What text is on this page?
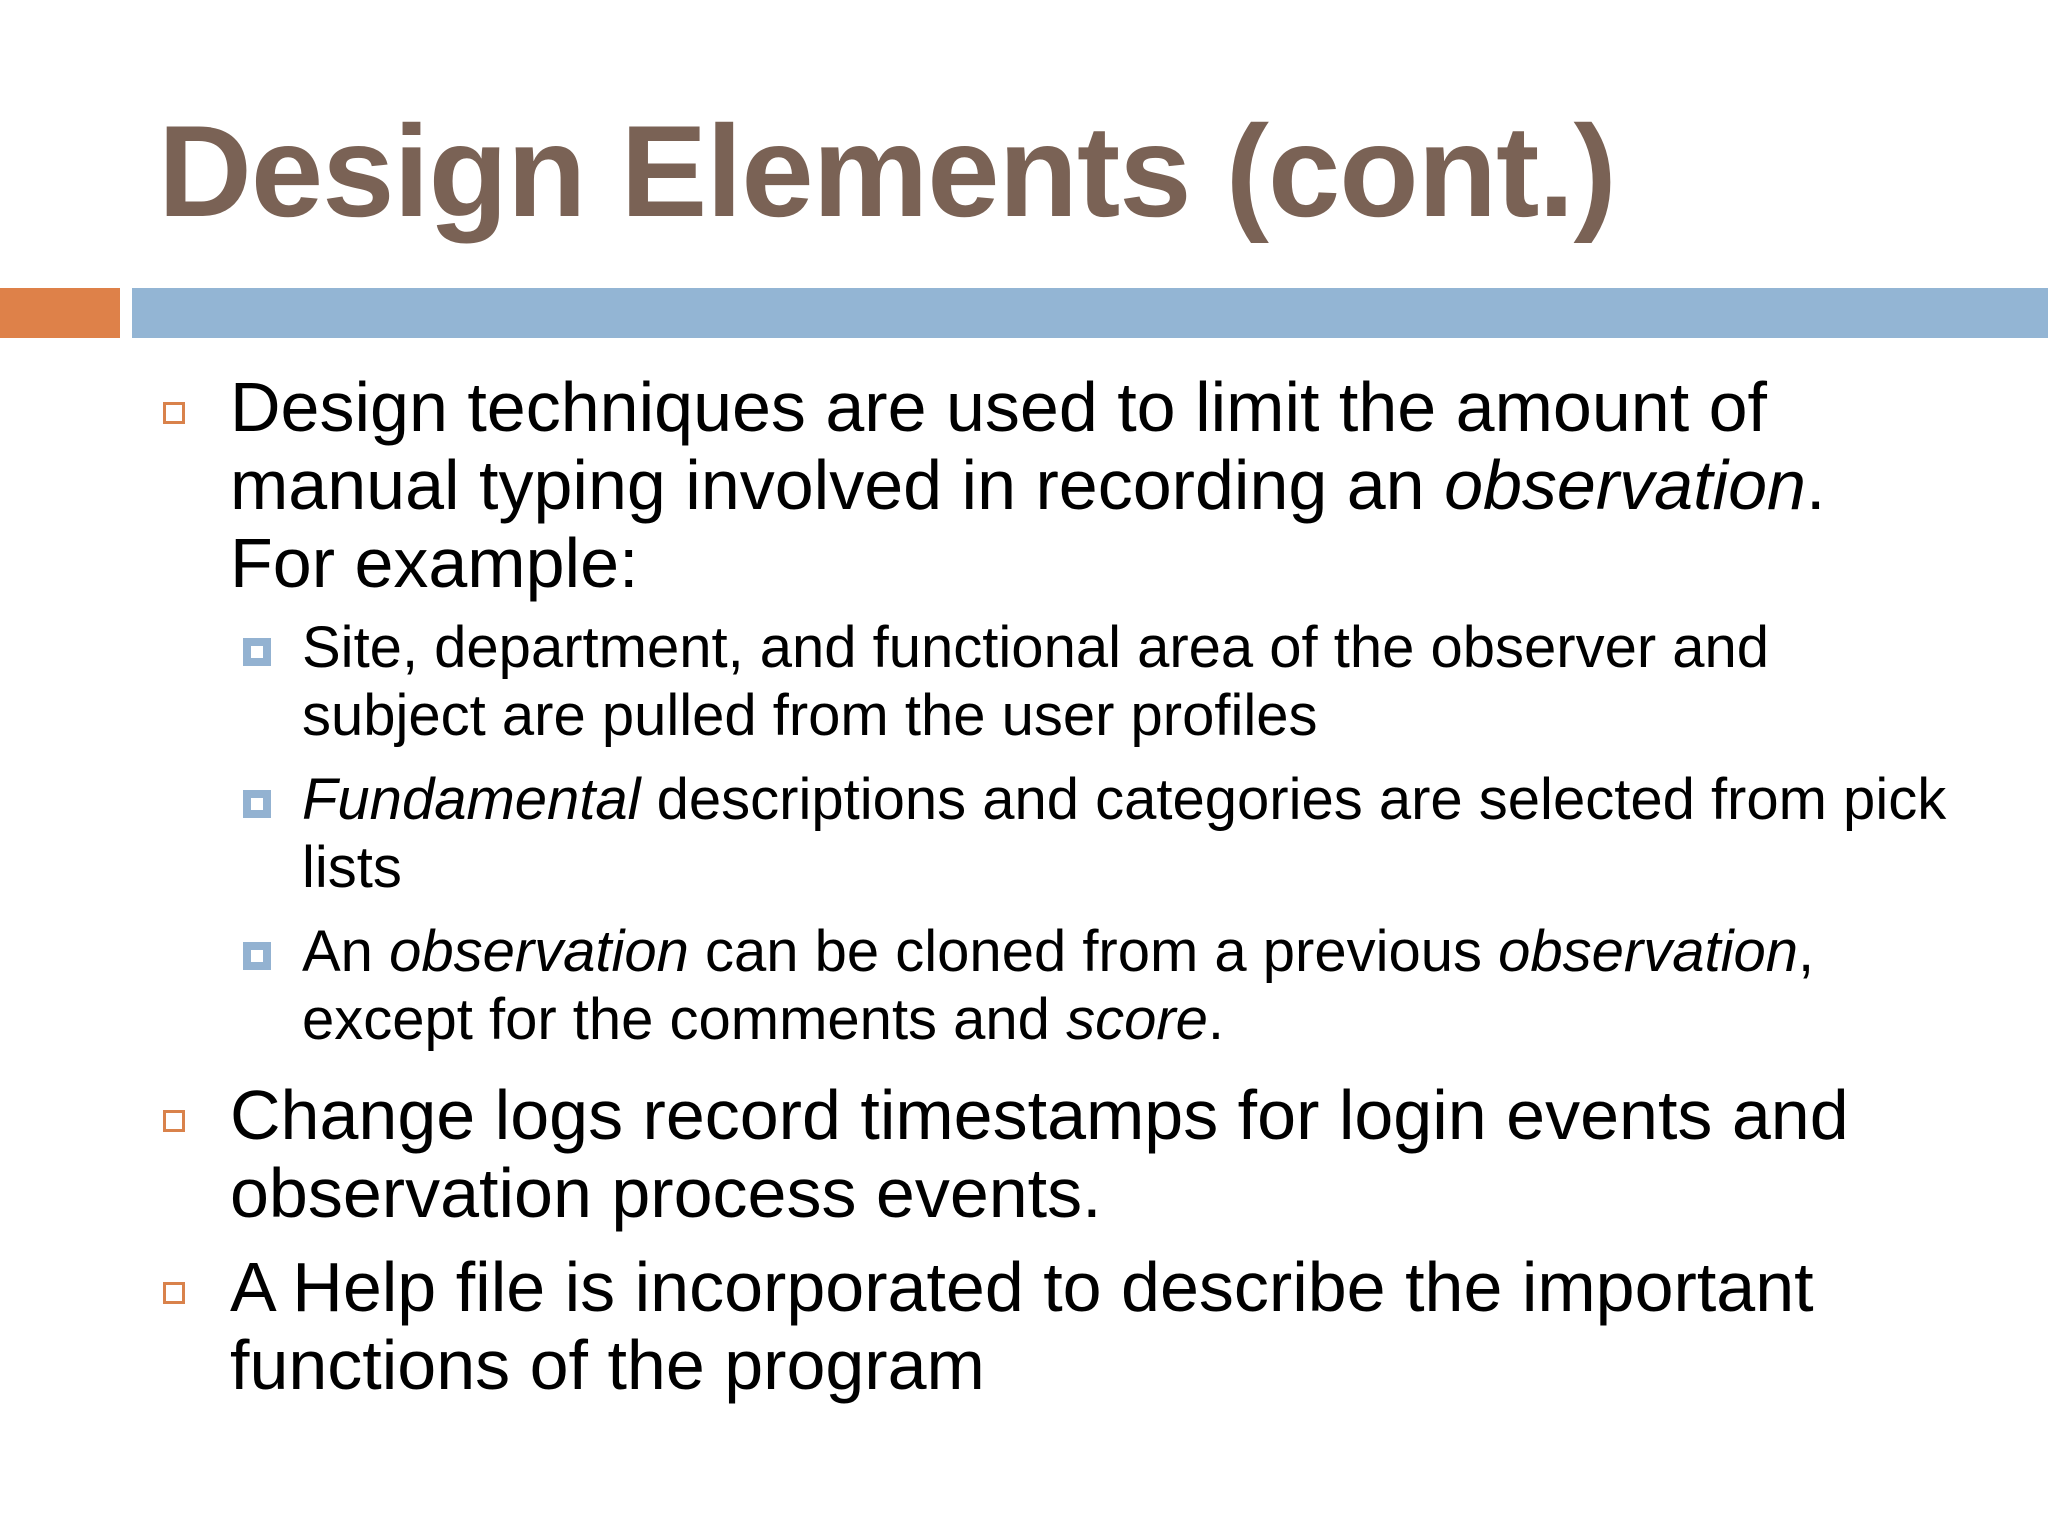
Design Elements (cont.)
Design techniques are used to limit the amount of manual typing involved in recording an observation. For example:
Site, department, and functional area of the observer and subject are pulled from the user profiles
Fundamental descriptions and categories are selected from pick lists
An observation can be cloned from a previous observation, except for the comments and score.
Change logs record timestamps for login events and observation process events.
A Help file is incorporated to describe the important functions of the program
